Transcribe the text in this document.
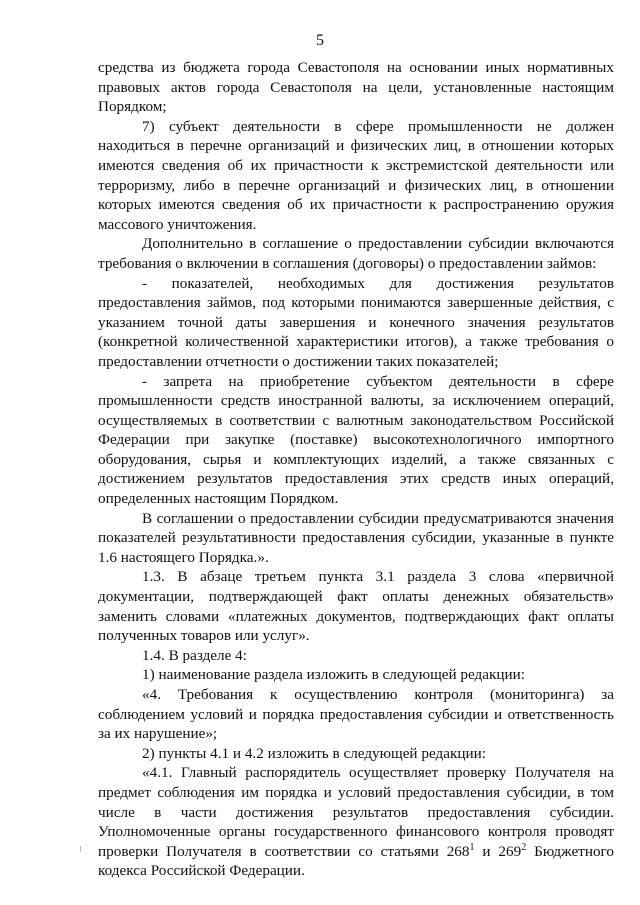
5

средства из бюджета города Севастополя на основании иных нормативных правовых актов города Севастополя на цели, установленные настоящим Порядком;

7) субъект деятельности в сфере промышленности не должен находиться в перечне организаций и физических лиц, в отношении которых имеются сведения об их причастности к экстремистской деятельности или терроризму, либо в перечне организаций и физических лиц, в отношении которых имеются сведения об их причастности к распространению оружия массового уничтожения.

Дополнительно в соглашение о предоставлении субсидии включаются требования о включении в соглашения (договоры) о предоставлении займов:

- показателей, необходимых для достижения результатов предоставления займов, под которыми понимаются завершенные действия, с указанием точной даты завершения и конечного значения результатов (конкретной количественной характеристики итогов), а также требования о предоставлении отчетности о достижении таких показателей;

- запрета на приобретение субъектом деятельности в сфере промышленности средств иностранной валюты, за исключением операций, осуществляемых в соответствии с валютным законодательством Российской Федерации при закупке (поставке) высокотехнологичного импортного оборудования, сырья и комплектующих изделий, а также связанных с достижением результатов предоставления этих средств иных операций, определенных настоящим Порядком.

В соглашении о предоставлении субсидии предусматриваются значения показателей результативности предоставления субсидии, указанные в пункте 1.6 настоящего Порядка.».

1.3. В абзаце третьем пункта 3.1 раздела 3 слова «первичной документации, подтверждающей факт оплаты денежных обязательств» заменить словами «платежных документов, подтверждающих факт оплаты полученных товаров или услуг».

1.4. В разделе 4:

1) наименование раздела изложить в следующей редакции:

«4. Требования к осуществлению контроля (мониторинга) за соблюдением условий и порядка предоставления субсидии и ответственность за их нарушение»;

2) пункты 4.1 и 4.2 изложить в следующей редакции:

«4.1. Главный распорядитель осуществляет проверку Получателя на предмет соблюдения им порядка и условий предоставления субсидии, в том числе в части достижения результатов предоставления субсидии. Уполномоченные органы государственного финансового контроля проводят проверки Получателя в соответствии со статьями $268^1$ и $269^2$ Бюджетного кодекса Российской Федерации.
